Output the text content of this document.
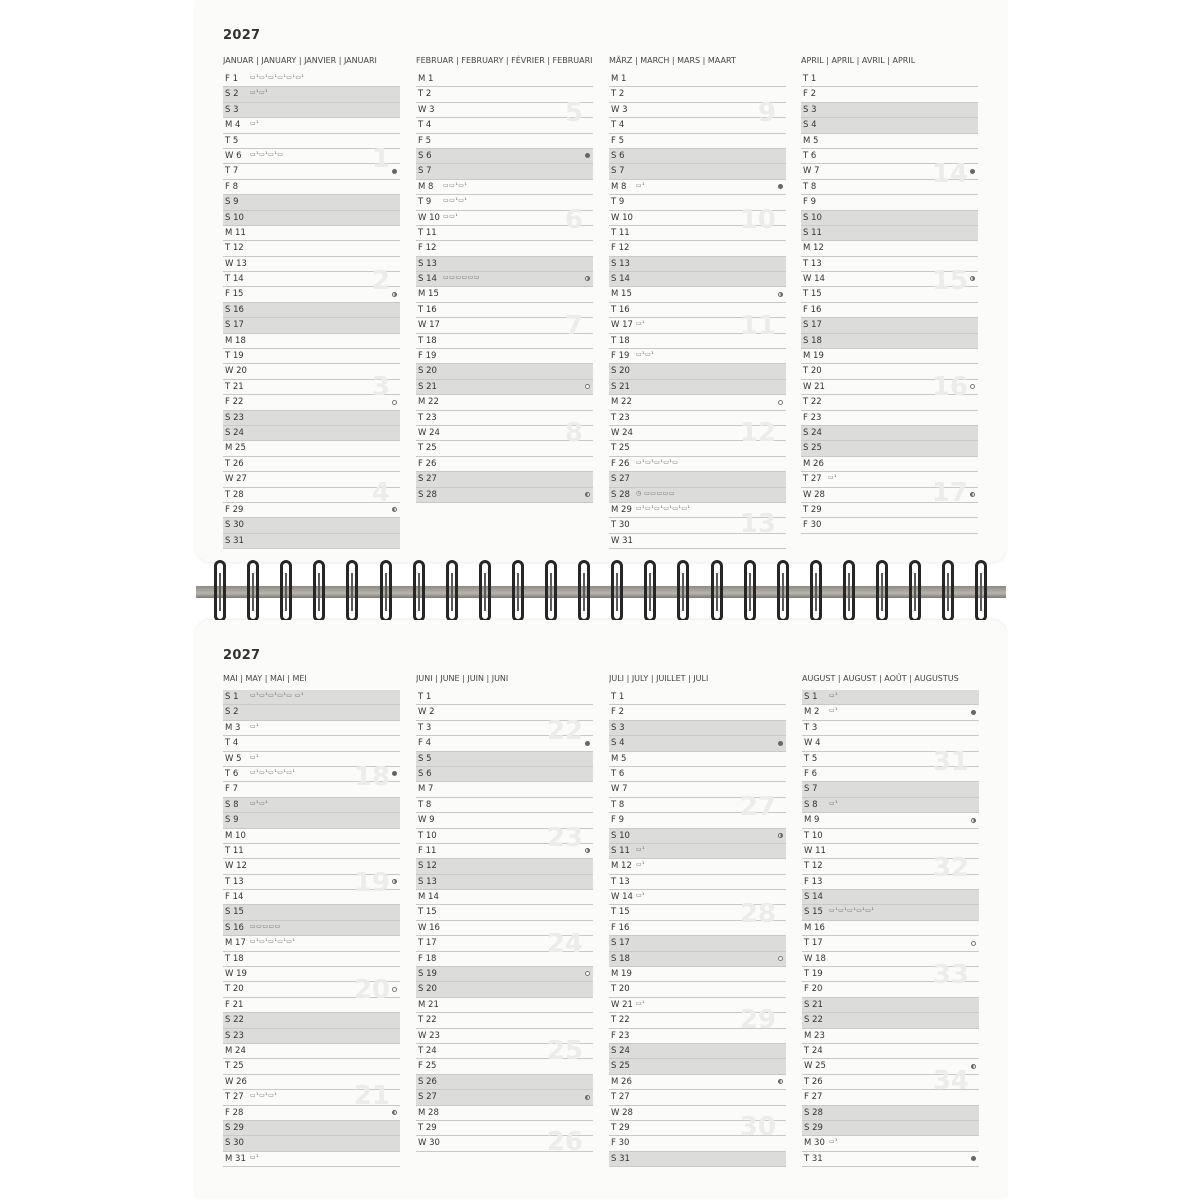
2027
JANUAR | JANUARY | JANVIER | JANUARI
F 1 ▭¹▭¹▭¹▭¹▭¹▭¹
S 2 ▭¹▭¹
S 3
M 4 ▭¹
T 5
W 6 ▭¹▭¹▭¹▭
T 7
F 8
S 9
S 10
M 11
T 12
W 13
T 14
F 15
S 16
S 17
M 18
T 19
W 20
T 21
F 22
S 23
S 24
M 25
T 26
W 27
T 28
F 29
S 30
S 31
1
2
3
4
FEBRUAR | FEBRUARY | FÉVRIER | FEBRUARI
M 1
T 2
W 3
T 4
F 5
S 6
S 7
M 8 ▭▭¹▭¹
T 9 ▭▭¹▭¹
W 10 ▭▭¹
T 11
F 12
S 13
S 14 ▭▭▭▭▭▭
M 15
T 16
W 17
T 18
F 19
S 20
S 21
M 22
T 23
W 24
T 25
F 26
S 27
S 28
5
6
7
8
MÄRZ | MARCH | MARS | MAART
M 1
T 2
W 3
T 4
F 5
S 6
S 7
M 8 ▭¹
T 9
W 10
T 11
F 12
S 13
S 14
M 15
T 16
W 17 ▭¹
T 18
F 19 ▭¹▭¹
S 20
S 21
M 22
T 23
W 24
T 25
F 26 ▭¹▭¹▭¹▭¹▭
S 27
S 28 ◷ ▭▭▭▭▭
M 29 ▭¹▭¹▭¹▭¹▭¹▭¹
T 30
W 31
9
10
11
12
13
APRIL | APRIL | AVRIL | APRIL
T 1
F 2
S 3
S 4
M 5
T 6
W 7
T 8
F 9
S 10
S 11
M 12
T 13
W 14
T 15
F 16
S 17
S 18
M 19
T 20
W 21
T 22
F 23
S 24
S 25
M 26
T 27 ▭¹
W 28
T 29
F 30
14
15
16
17
2027
MAI | MAY | MAI | MEI
S 1 ▭¹▭¹▭¹▭¹▭ ▭¹
S 2
M 3 ▭¹
T 4
W 5 ▭¹
T 6 ▭¹▭¹▭¹▭¹▭¹
F 7
S 8 ▭¹▭¹
S 9
M 10
T 11
W 12
T 13
F 14
S 15
S 16 ▭▭▭▭▭
M 17 ▭¹▭¹▭¹▭¹▭¹
T 18
W 19
T 20
F 21
S 22
S 23
M 24
T 25
W 26
T 27 ▭¹▭¹▭¹
F 28
S 29
S 30
M 31 ▭¹
18
19
20
21
JUNI | JUNE | JUIN | JUNI
T 1
W 2
T 3
F 4
S 5
S 6
M 7
T 8
W 9
T 10
F 11
S 12
S 13
M 14
T 15
W 16
T 17
F 18
S 19
S 20
M 21
T 22
W 23
T 24
F 25
S 26
S 27
M 28
T 29
W 30
22
23
24
25
26
JULI | JULY | JUILLET | JULI
T 1
F 2
S 3
S 4
M 5
T 6
W 7
T 8
F 9
S 10
S 11 ▭¹
M 12 ▭¹
T 13
W 14 ▭¹
T 15
F 16
S 17
S 18
M 19
T 20
W 21 ▭¹
T 22
F 23
S 24
S 25
M 26
T 27
W 28
T 29
F 30
S 31
27
28
29
30
AUGUST | AUGUST | AOÛT | AUGUSTUS
S 1 ▭¹
M 2 ▭¹
T 3
W 4
T 5
F 6
S 7
S 8 ▭¹
M 9
T 10
W 11
T 12
F 13
S 14
S 15 ▭¹▭¹▭¹▭¹▭¹
M 16
T 17
W 18
T 19
F 20
S 21
S 22
M 23
T 24
W 25
T 26
F 27
S 28
S 29
M 30 ▭¹
T 31
31
32
33
34
